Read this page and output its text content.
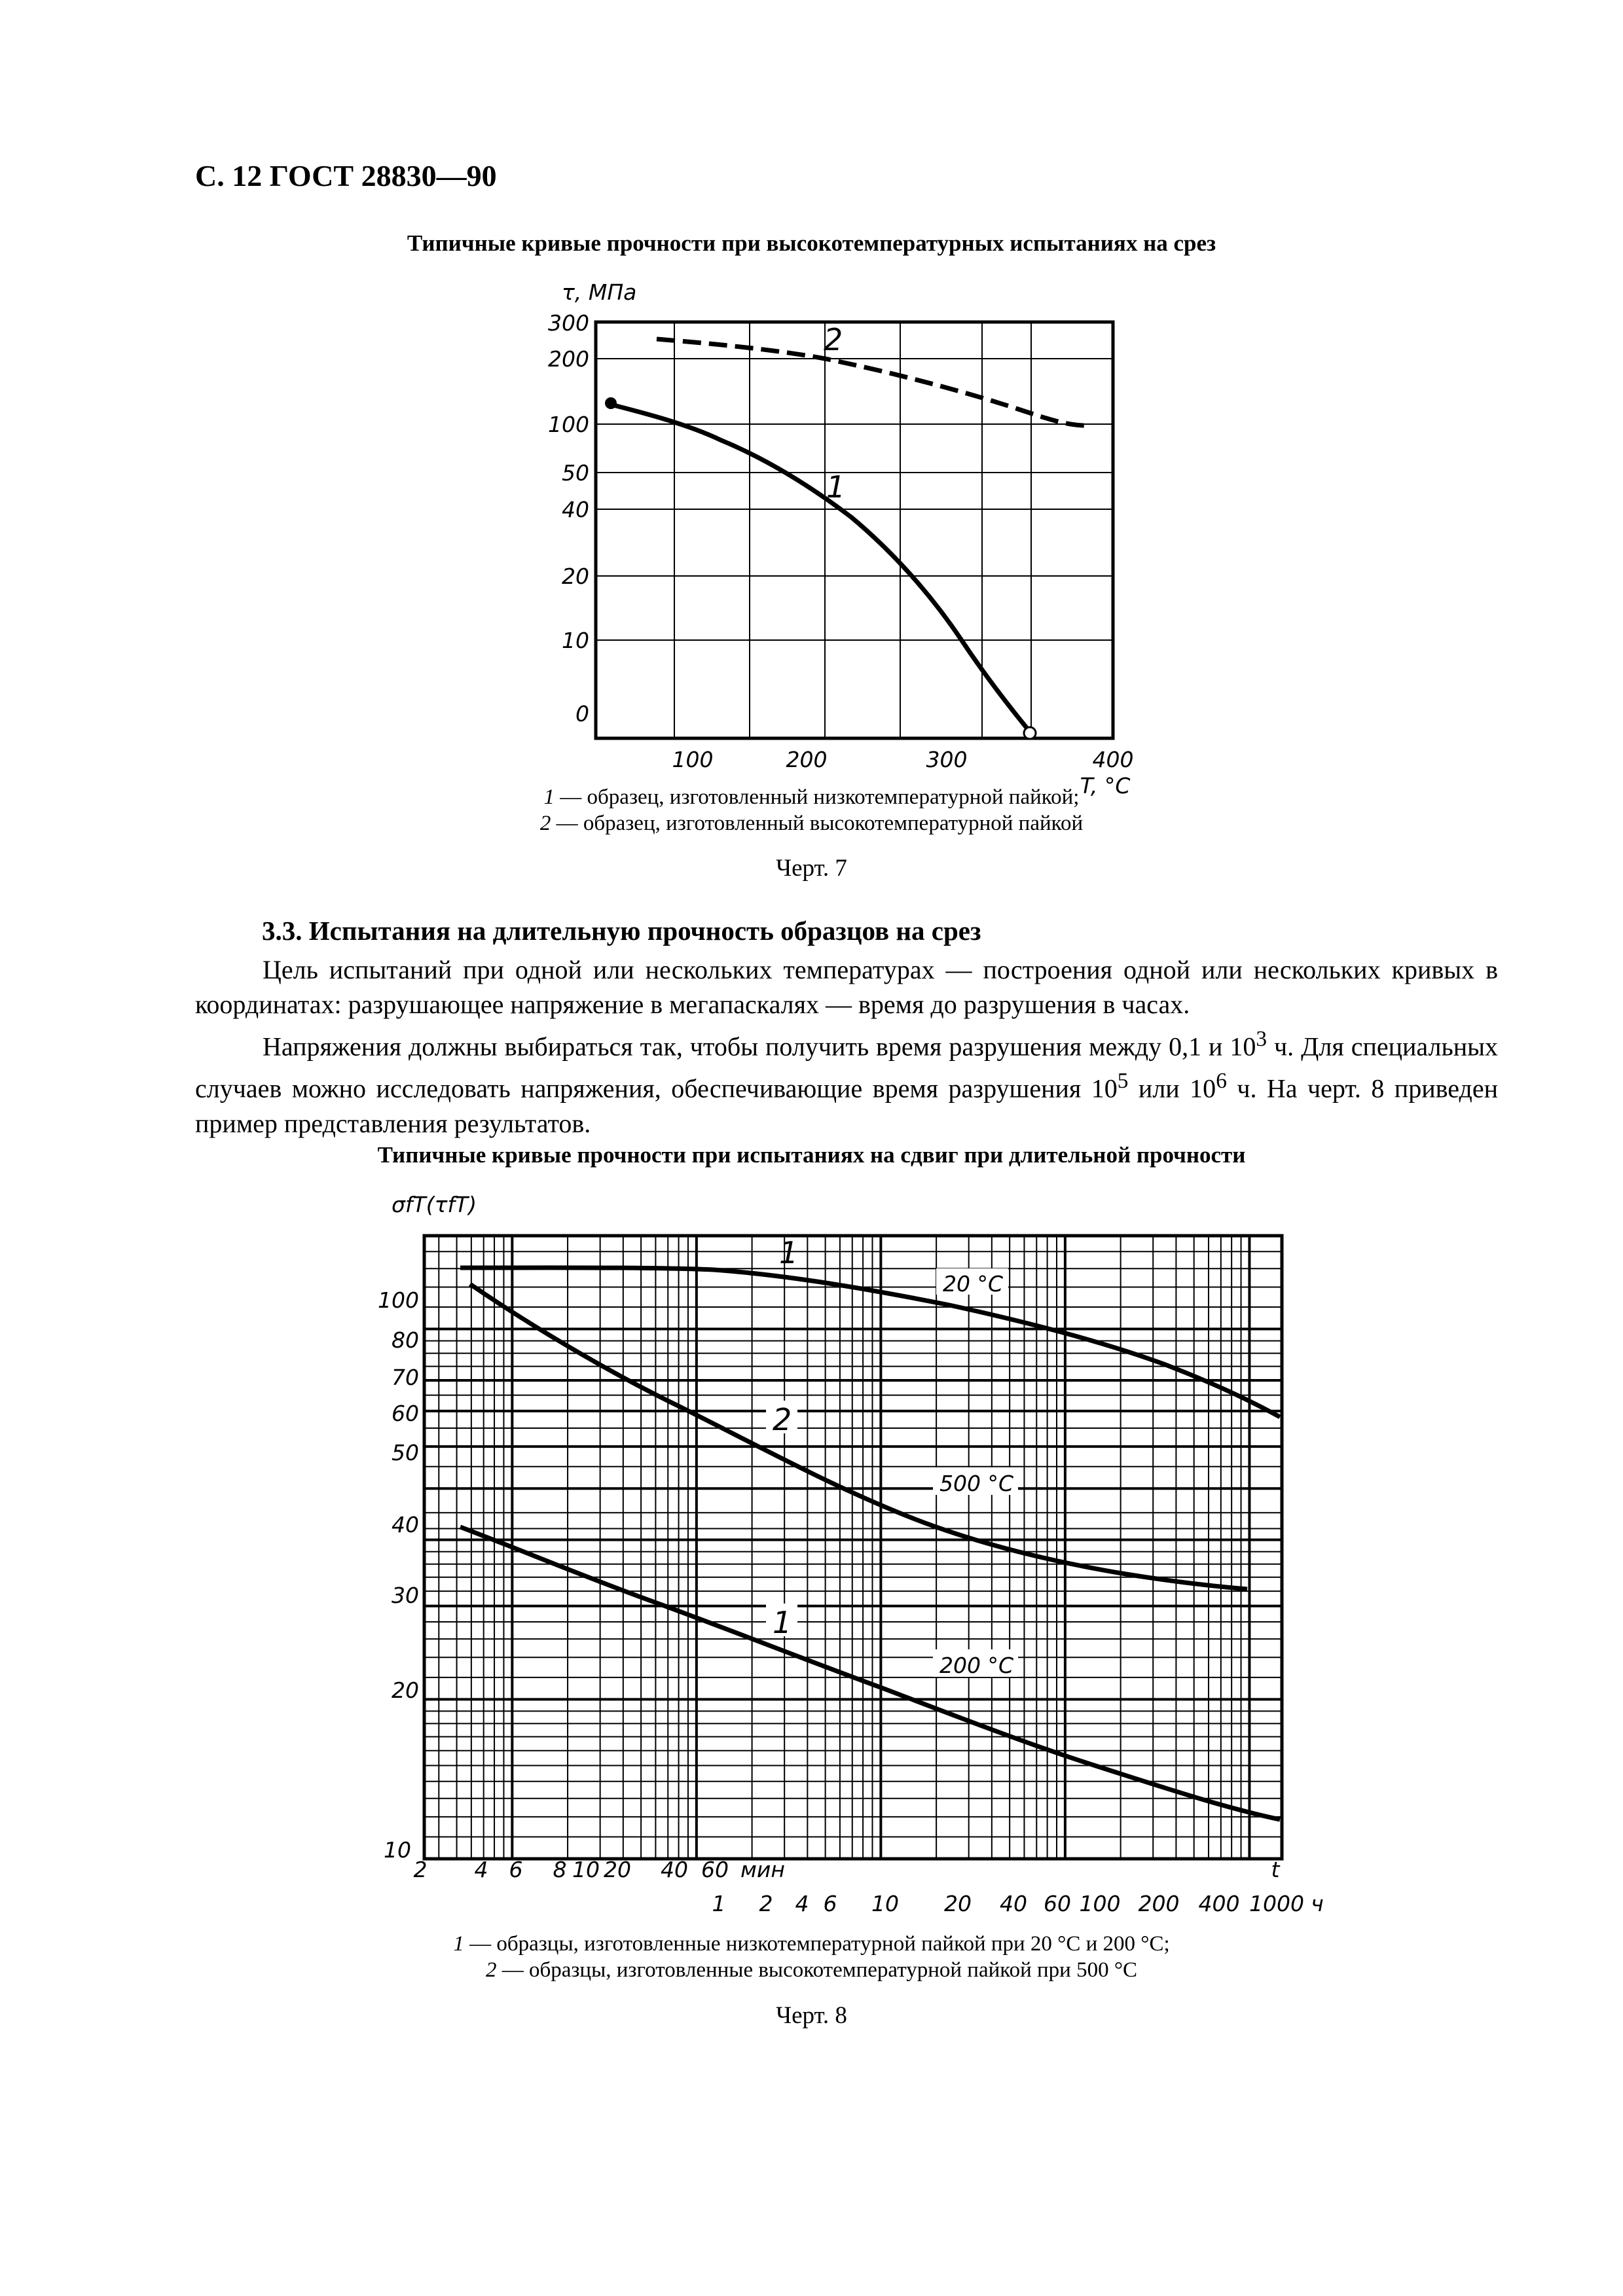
С. 12 ГОСТ 28830—90
Типичные кривые прочности при высокотемпературных испытаниях на срез
300
200
100
50
40
20
10
0
τ, МПа
100	200	300	400
T, °C
2
1
1 — образец, изготовленный низкотемпературной пайкой;
2 — образец, изготовленный высокотемпературной пайкой
Черт. 7
3.3. Испытания на длительную прочность образцов на срез

Цель испытаний при одной или нескольких температурах — построения одной или нескольких кривых в координатах: разрушающее напряжение в мегапаскалях — время до разрушения в часах.

Напряжения должны выбираться так, чтобы получить время разрушения между 0,1 и $10^3$ ч. Для специальных случаев можно исследовать напряжения, обеспечивающие время разрушения $10^5$ или $10^6$ ч. На черт. 8 приведен пример представления результатов.

Типичные кривые прочности при испытаниях на сдвиг при длительной прочности
100
80
70
60
50
40
30
20
10
σfT(τfT)
2 4 6 8 10 20 40 60 мин	t
1 2 4 6 10 20 40 60 100 200 400 1000 ч
1
2
1
20 °С
500 °С
200 °С
1 — образцы, изготовленные низкотемпературной пайкой при 20 °С и 200 °С;
2 — образцы, изготовленные высокотемпературной пайкой при 500 °С
Черт. 8
